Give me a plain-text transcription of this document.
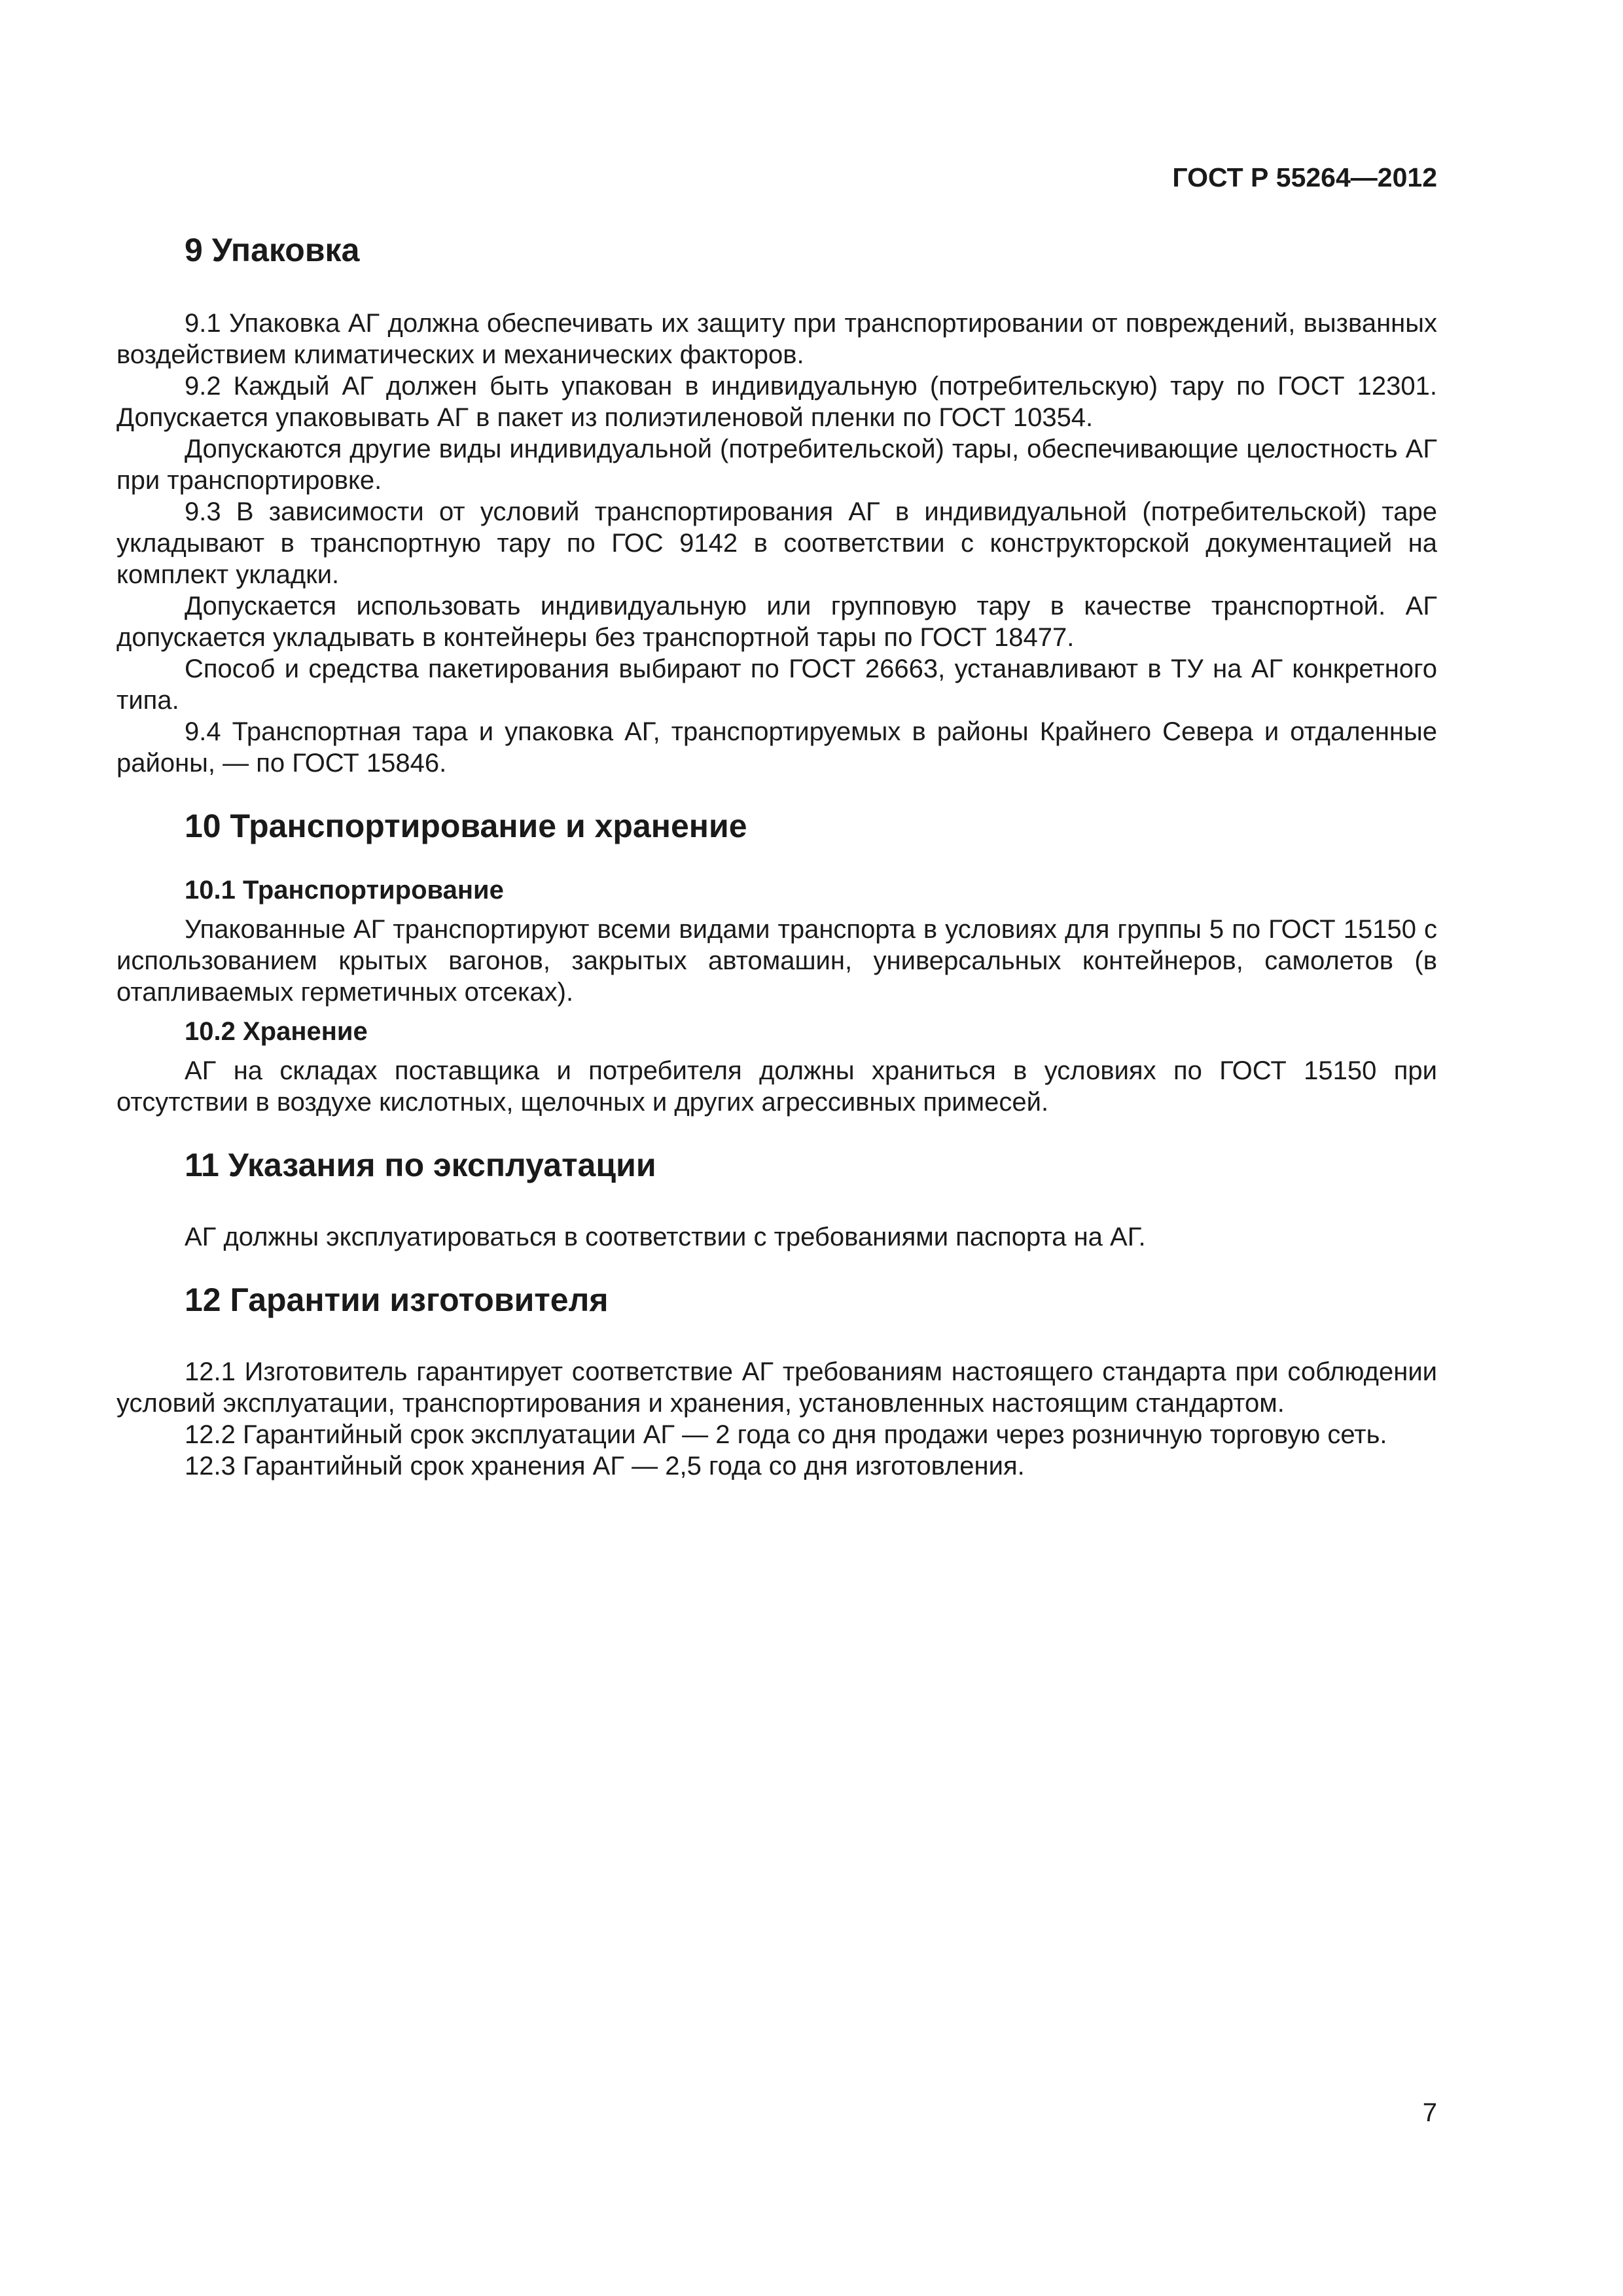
ГОСТ Р 55264—2012
9 Упаковка

9.1 Упаковка АГ должна обеспечивать их защиту при транспортировании от повреждений, вызванных воздействием климатических и механических факторов.

9.2 Каждый АГ должен быть упакован в индивидуальную (потребительскую) тару по ГОСТ 12301. Допускается упаковывать АГ в пакет из полиэтиленовой пленки по ГОСТ 10354.

Допускаются другие виды индивидуальной (потребительской) тары, обеспечивающие целостность АГ при транспортировке.

9.3 В зависимости от условий транспортирования АГ в индивидуальной (потребительской) таре укладывают в транспортную тару по ГОС 9142 в соответствии с конструкторской документацией на комплект укладки.

Допускается использовать индивидуальную или групповую тару в качестве транспортной. АГ допускается укладывать в контейнеры без транспортной тары по ГОСТ 18477.

Способ и средства пакетирования выбирают по ГОСТ 26663, устанавливают в ТУ на АГ конкретного типа.

9.4 Транспортная тара и упаковка АГ, транспортируемых в районы Крайнего Севера и отдаленные районы, — по ГОСТ 15846.

10 Транспортирование и хранение
10.1 Транспортирование

Упакованные АГ транспортируют всеми видами транспорта в условиях для группы 5 по ГОСТ 15150 с использованием крытых вагонов, закрытых автомашин, универсальных контейнеров, самолетов (в отапливаемых герметичных отсеках).

10.2 Хранение

АГ на складах поставщика и потребителя должны храниться в условиях по ГОСТ 15150 при отсутствии в воздухе кислотных, щелочных и других агрессивных примесей.

11 Указания по эксплуатации

АГ должны эксплуатироваться в соответствии с требованиями паспорта на АГ.

12 Гарантии изготовителя

12.1 Изготовитель гарантирует соответствие АГ требованиям настоящего стандарта при соблюдении условий эксплуатации, транспортирования и хранения, установленных настоящим стандартом.

12.2 Гарантийный срок эксплуатации АГ — 2 года со дня продажи через розничную торговую сеть.

12.3 Гарантийный срок хранения АГ — 2,5 года со дня изготовления.

7
